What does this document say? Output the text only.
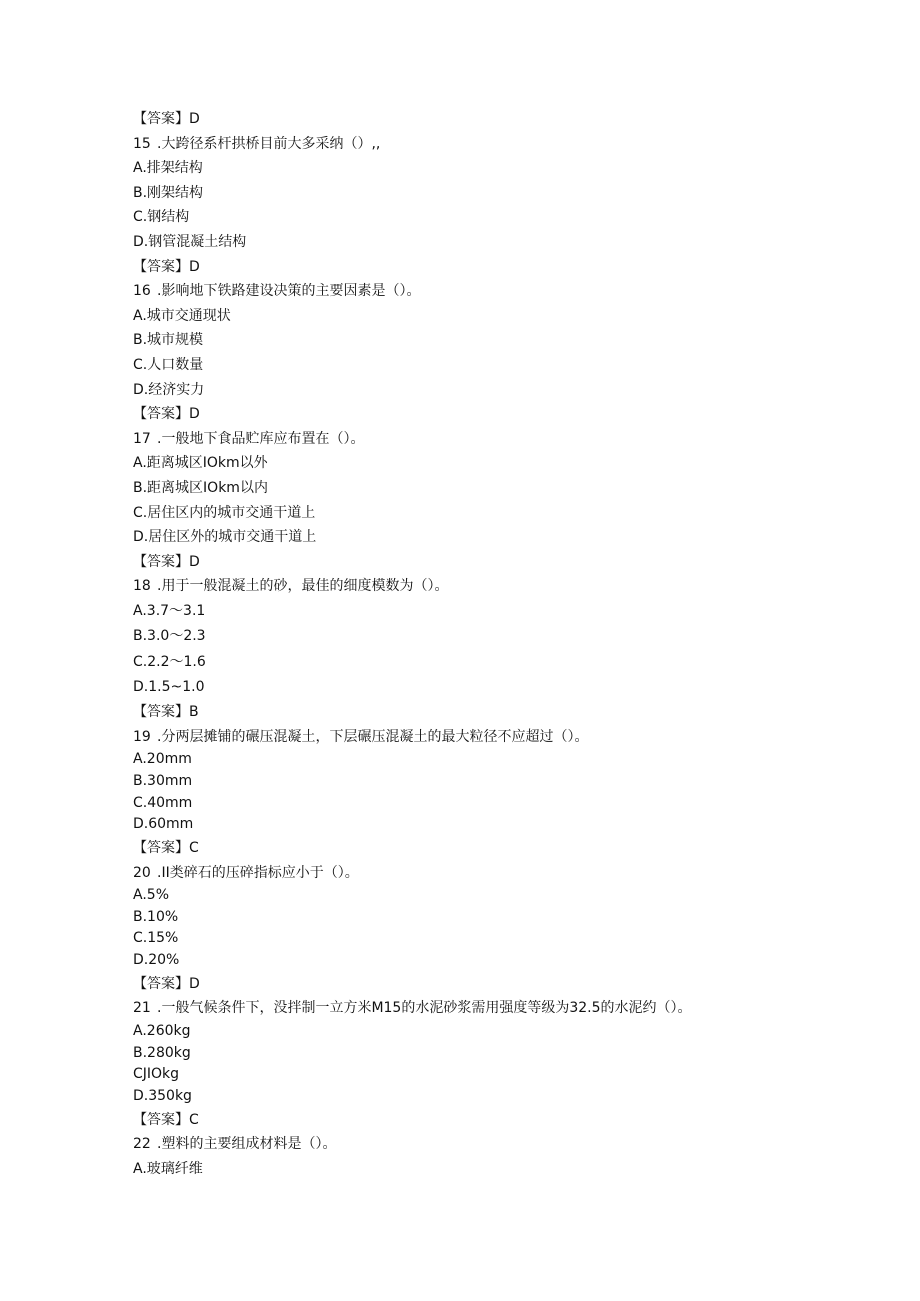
【答案】D
15 .大跨径系杆拱桥目前大多采纳（）,,
A.排架结构
B.刚架结构
C.钢结构
D.钢管混凝土结构
【答案】D
16 .影响地下铁路建设决策的主要因素是（）。
A.城市交通现状
B.城市规模
C.人口数量
D.经济实力
【答案】D
17 .一般地下食品贮库应布置在（）。
A.距离城区IOkm以外
B.距离城区IOkm以内
C.居住区内的城市交通干道上
D.居住区外的城市交通干道上
【答案】D
18 .用于一般混凝土的砂，最佳的细度模数为（）。
A.3.7～3.1
B.3.0～2.3
C.2.2～1.6
D.1.5~1.0
【答案】B
19 .分两层摊铺的碾压混凝土，下层碾压混凝土的最大粒径不应超过（）。
A.20mm
B.30mm
C.40mm
D.60mm
【答案】C
20 .II类碎石的压碎指标应小于（）。
A.5%
B.10%
C.15%
D.20%
【答案】D
21 .一般气候条件下，没拌制一立方米M15的水泥砂浆需用强度等级为32.5的水泥约（）。
A.260kg
B.280kg
CJIOkg
D.350kg
【答案】C
22 .塑料的主要组成材料是（）。
A.玻璃纤维
